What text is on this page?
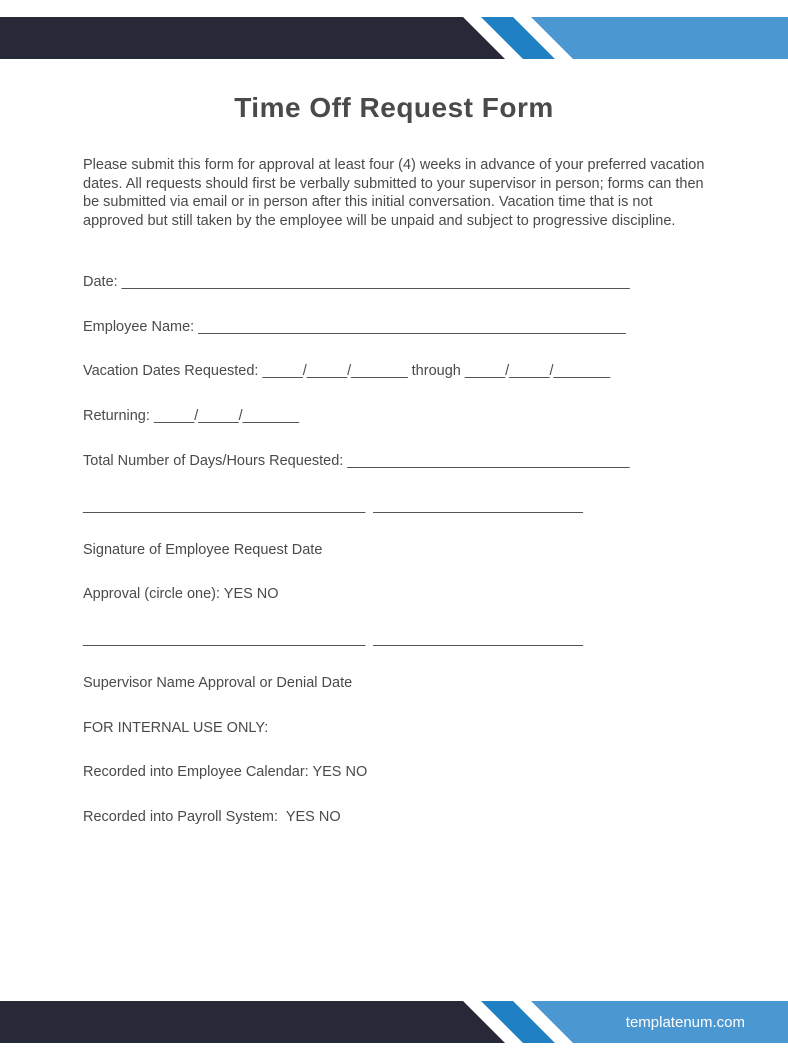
Time Off Request Form

Please submit this form for approval at least four (4) weeks in advance of your preferred vacation dates. All requests should first be verbally submitted to your supervisor in person; forms can then be submitted via email or in person after this initial conversation. Vacation time that is not approved but still taken by the employee will be unpaid and subject to progressive discipline.

Date: _______________________________________________________________
Employee Name: _____________________________________________________
Vacation Dates Requested: _____/_____/_______ through _____/_____/_______
Returning: _____/_____/_______
Total Number of Days/Hours Requested: ___________________________________
___________________________________  __________________________
Signature of Employee Request Date
Approval (circle one): YES NO
___________________________________  __________________________
Supervisor Name Approval or Denial Date
FOR INTERNAL USE ONLY:
Recorded into Employee Calendar: YES NO
Recorded into Payroll System:  YES NO
templatenum.com
